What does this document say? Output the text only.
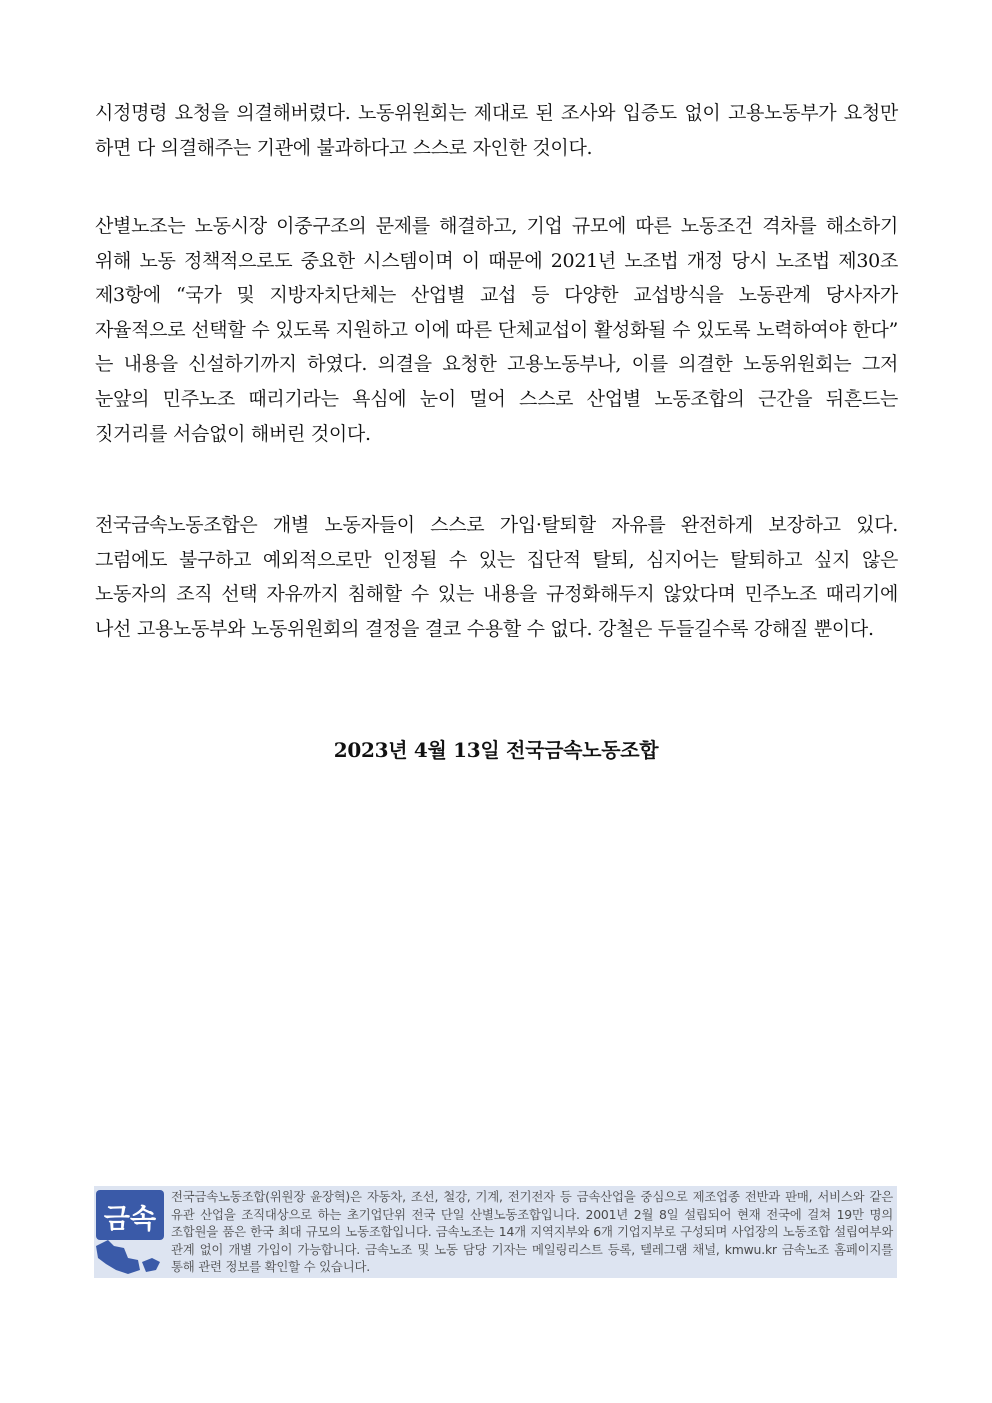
시정명령 요청을 의결해버렸다. 노동위원회는 제대로 된 조사와 입증도 없이 고용노동부가 요청만 하면 다 의결해주는 기관에 불과하다고 스스로 자인한 것이다.

산별노조는 노동시장 이중구조의 문제를 해결하고, 기업 규모에 따른 노동조건 격차를 해소하기 위해 노동 정책적으로도 중요한 시스템이며 이 때문에 2021년 노조법 개정 당시 노조법 제30조 제3항에 “국가 및 지방자치단체는 산업별 교섭 등 다양한 교섭방식을 노동관계 당사자가 자율적으로 선택할 수 있도록 지원하고 이에 따른 단체교섭이 활성화될 수 있도록 노력하여야 한다” 는 내용을 신설하기까지 하였다. 의결을 요청한 고용노동부나, 이를 의결한 노동위원회는 그저 눈앞의 민주노조 때리기라는 욕심에 눈이 멀어 스스로 산업별 노동조합의 근간을 뒤흔드는 짓거리를 서슴없이 해버린 것이다.

전국금속노동조합은 개별 노동자들이 스스로 가입·탈퇴할 자유를 완전하게 보장하고 있다. 그럼에도 불구하고 예외적으로만 인정될 수 있는 집단적 탈퇴, 심지어는 탈퇴하고 싶지 않은 노동자의 조직 선택 자유까지 침해할 수 있는 내용을 규정화해두지 않았다며 민주노조 때리기에 나선 고용노동부와 노동위원회의 결정을 결코 수용할 수 없다. 강철은 두들길수록 강해질 뿐이다.

2023년 4월 13일 전국금속노동조합

금속

전국금속노동조합(위원장 윤장혁)은 자동차, 조선, 철강, 기계, 전기전자 등 금속산업을 중심으로 제조업종 전반과 판매, 서비스와 같은 유관 산업을 조직대상으로 하는 초기업단위 전국 단일 산별노동조합입니다. 2001년 2월 8일 설립되어 현재 전국에 걸쳐 19만 명의 조합원을 품은 한국 최대 규모의 노동조합입니다. 금속노조는 14개 지역지부와 6개 기업지부로 구성되며 사업장의 노동조합 설립여부와 관계 없이 개별 가입이 가능합니다. 금속노조 및 노동 담당 기자는 메일링리스트 등록, 텔레그램 채널, kmwu.kr 금속노조 홈페이지를 통해 관련 정보를 확인할 수 있습니다.
